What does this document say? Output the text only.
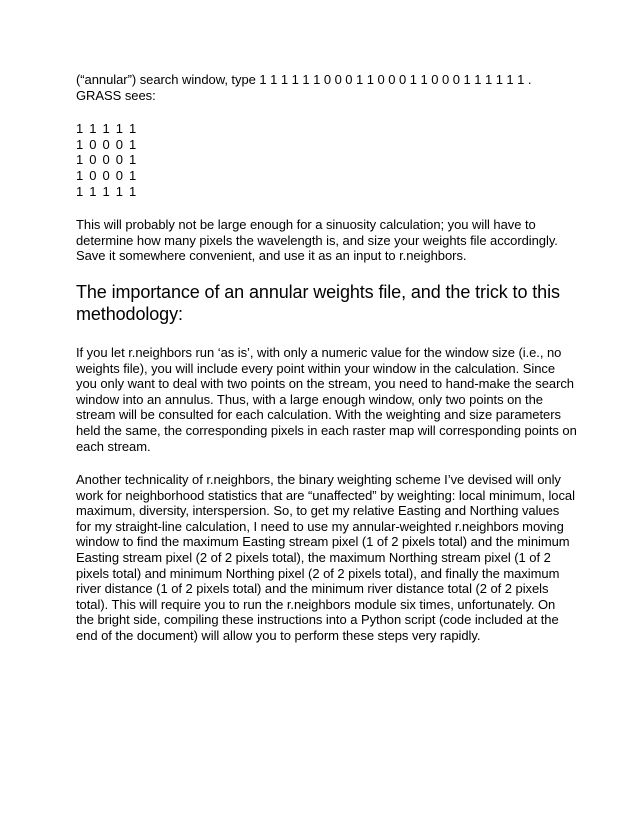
(“annular”) search window, type 1 1 1 1 1 1 0 0 0 1 1 0 0 0 1 1 0 0 0 1 1 1 1 1 1 .
GRASS sees:

1 1 1 1 1
1 0 0 0 1
1 0 0 0 1
1 0 0 0 1
1 1 1 1 1

This will probably not be large enough for a sinuosity calculation; you will have to
determine how many pixels the wavelength is, and size your weights file accordingly.
Save it somewhere convenient, and use it as an input to r.neighbors.

The importance of an annular weights file, and the trick to this
methodology:

If you let r.neighbors run ‘as is’, with only a numeric value for the window size (i.e., no
weights file), you will include every point within your window in the calculation. Since
you only want to deal with two points on the stream, you need to hand-make the search
window into an annulus. Thus, with a large enough window, only two points on the
stream will be consulted for each calculation. With the weighting and size parameters
held the same, the corresponding pixels in each raster map will corresponding points on
each stream.

Another technicality of r.neighbors, the binary weighting scheme I’ve devised will only
work for neighborhood statistics that are “unaffected” by weighting: local minimum, local
maximum, diversity, interspersion. So, to get my relative Easting and Northing values
for my straight-line calculation, I need to use my annular-weighted r.neighbors moving
window to find the maximum Easting stream pixel (1 of 2 pixels total) and the minimum
Easting stream pixel (2 of 2 pixels total), the maximum Northing stream pixel (1 of 2
pixels total) and minimum Northing pixel (2 of 2 pixels total), and finally the maximum
river distance (1 of 2 pixels total) and the minimum river distance total (2 of 2 pixels
total). This will require you to run the r.neighbors module six times, unfortunately. On
the bright side, compiling these instructions into a Python script (code included at the
end of the document) will allow you to perform these steps very rapidly.
